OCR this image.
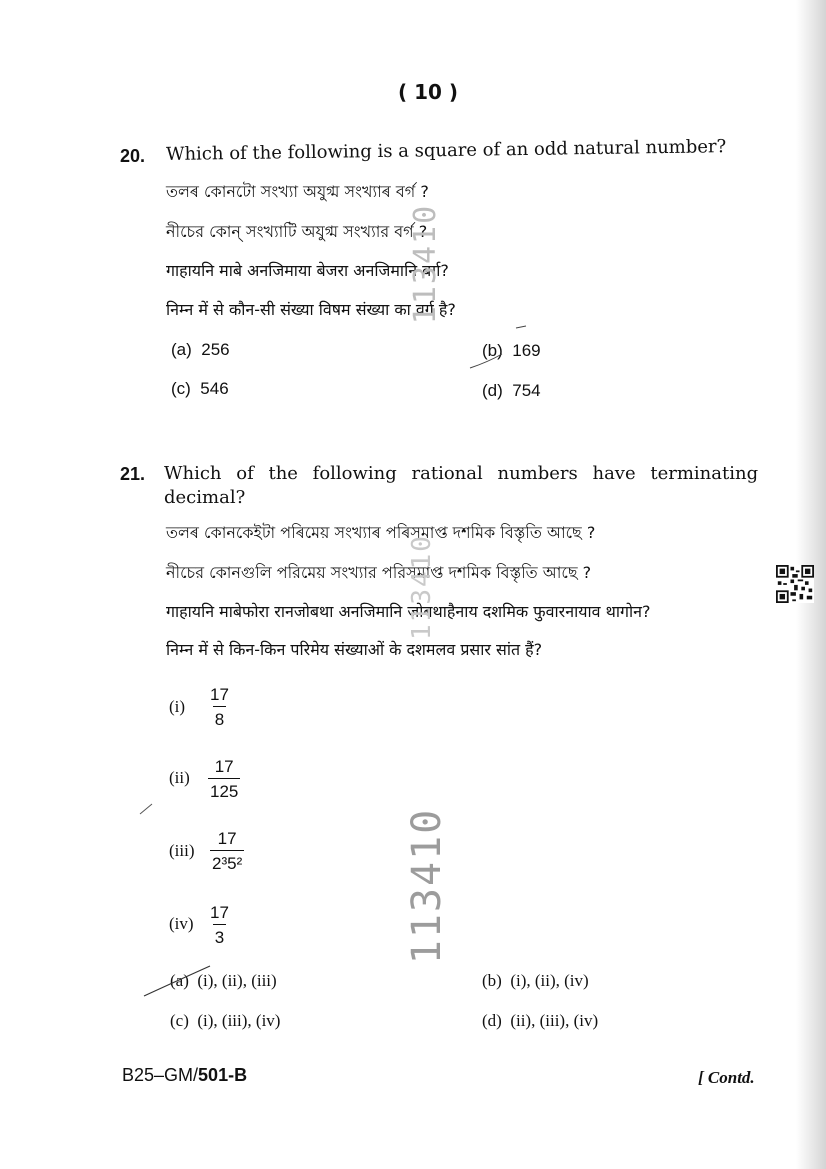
( 10 )
20. Which of the following is a square of an odd natural number?
তলৰ কোনটো সংখ্যা অযুগ্ম সংখ্যাৰ বৰ্গ ?
নীচের কোন্ সংখ্যাটি অযুগ্ম সংখ্যার বর্গ ?
गाहायनि माबे अनजिमाया बेजरा अनजिमानि बर्ग?
निम्न में से कौन-सी संख्या विषम संख्या का वर्ग है?
(a) 256	(b) 169
(c) 546	(d) 754
21. Which of the following rational numbers have terminating
decimal?
তলৰ কোনকেইটা পৰিমেয় সংখ্যাৰ পৰিসমাপ্ত দশমিক বিস্তৃতি আছে ?
নীচের কোনগুলি পরিমেয় সংখ্যার পরিসমাপ্ত দশমিক বিস্তৃতি আছে ?
गाहायनि माबेफोरा रानजोबथा अनजिमानि जोबथाहैनाय दशमिक फुवारनायाव थागोन?
निम्न में से किन-किन परिमेय संख्याओं के दशमलव प्रसार सांत हैं?
$(i) \frac{17}{8}$
$(ii) \frac{17}{125}$
$(iii) \frac{17}{\text{2³5²}}$
$(iv) \frac{17}{3}$
(a) (i), (ii), (iii)	(b) (i), (ii), (iv)
(c) (i), (iii), (iv)	(d) (ii), (iii), (iv)
113410
113410
113410
B25–GM/501-B	[ Contd.
